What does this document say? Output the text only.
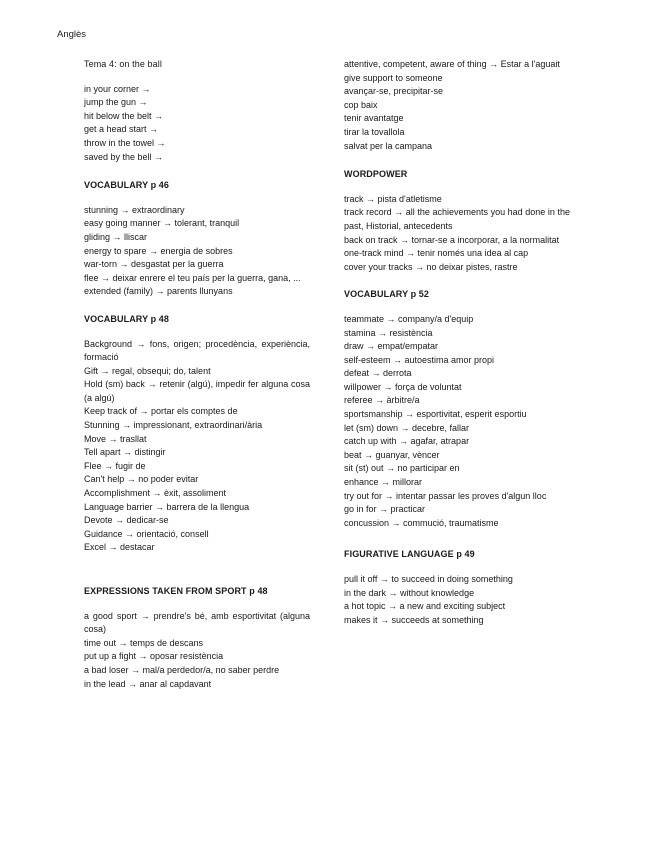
Anglès
Tema 4: on the ball
in your corner →
jump the gun →
hit below the belt →
get a head start →
throw in the towel →
saved by the bell →
VOCABULARY p 46
stunning → extraordinary
easy going manner → tolerant, tranquil
gliding → lliscar
energy to spare → energia de sobres
war-torn → desgastat per la guerra
flee → deixar enrere el teu país per la guerra, gana, ...
extended (family) → parents llunyans
VOCABULARY p 48
Background → fons, origen; procedència, experiència, formació
Gift → regal, obsequi; do, talent
Hold (sm) back → retenir (algú), impedir fer alguna cosa (a algú)
Keep track of → portar els comptes de
Stunning → impressionant, extraordinari/ària
Move → trasllat
Tell apart → distingir
Flee → fugir de
Can't help → no poder evitar
Accomplishment → èxit, assoliment
Language barrier → barrera de la llengua
Devote → dedicar-se
Guidance → orientació, consell
Excel → destacar
EXPRESSIONS TAKEN FROM SPORT p 48
a good sport → prendre's bé, amb esportivitat (alguna cosa)
time out → temps de descans
put up a fight → oposar resistència
a bad loser → mal/a perdedor/a, no saber perdre
in the lead → anar al capdavant
attentive, competent, aware of thing → Estar a l'aguait
give support to someone
avançar-se, precipitar-se
cop baix
tenir avantatge
tirar la tovallola
salvat per la campana
WORDPOWER
track → pista d'atletisme
track record → all the achievements you had done in the past, Historial, antecedents
back on track → tornar-se a incorporar, a la normalitat
one-track mind → tenir només una idea al cap
cover your tracks → no deixar pistes, rastre
VOCABULARY p 52
teammate → company/a d'equip
stamina → resistència
draw → empat/empatar
self-esteem → autoestima amor propi
defeat → derrota
willpower → força de voluntat
referee → àrbitre/a
sportsmanship → esportivitat, esperit esportiu
let (sm) down → decebre, fallar
catch up with → agafar, atrapar
beat → guanyar, vèncer
sit (st) out → no participar en
enhance → millorar
try out for → intentar passar les proves d'algun lloc
go in for → practicar
concussion → commució, traumatisme
FIGURATIVE LANGUAGE p 49
pull it off → to succeed in doing something
in the dark → without knowledge
a hot topic → a new and exciting subject
makes it → succeeds at something
